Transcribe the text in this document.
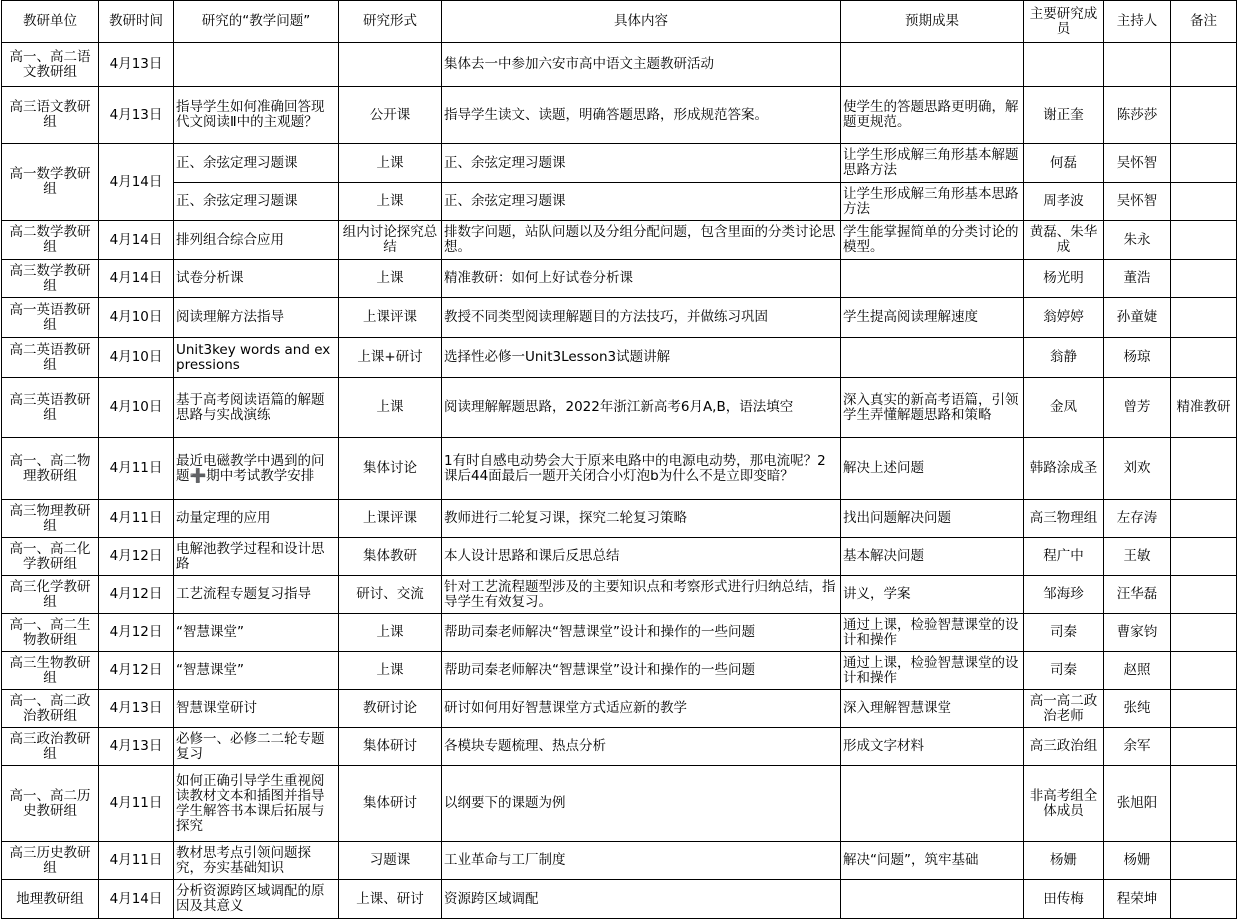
教研单位	教研时间	研究的“教学问题”	研究形式	具体内容	预期成果	主要研究成员	主持人	备注
高一、高二语文教研组	4月13日			集体去一中参加六安市高中语文主题教研活动				
高三语文教研组	4月13日	指导学生如何准确回答现代文阅读Ⅱ中的主观题？	公开课	指导学生读文、读题，明确答题思路，形成规范答案。	使学生的答题思路更明确，解题更规范。	谢正奎	陈莎莎	
高一数学教研组	4月14日	正、余弦定理习题课	上课	正、余弦定理习题课	让学生形成解三角形基本解题思路方法	何磊	吴怀智	
		正、余弦定理习题课	上课	正、余弦定理习题课	让学生形成解三角形基本思路方法	周孝波	吴怀智	
高二数学教研组	4月14日	排列组合综合应用	组内讨论探究总结	排数字问题，站队问题以及分组分配问题，包含里面的分类讨论思想。	学生能掌握简单的分类讨论的模型。	黄磊、朱华成	朱永	
高三数学教研组	4月14日	试卷分析课	上课	精准教研：如何上好试卷分析课		杨光明	董浩	
高一英语教研组	4月10日	阅读理解方法指导	上课评课	教授不同类型阅读理解题目的方法技巧，并做练习巩固	学生提高阅读理解速度	翁婷婷	孙童婕	
高二英语教研组	4月10日	Unit3key words and expressions	上课+研讨	选择性必修一Unit3Lesson3试题讲解		翁静	杨琼	
高三英语教研组	4月10日	基于高考阅读语篇的解题思路与实战演练	上课	阅读理解解题思路，2022年浙江新高考6月A,B，语法填空	深入真实的新高考语篇，引领学生弄懂解题思路和策略	金凤	曾芳	精准教研
高一、高二物理教研组	4月11日	最近电磁教学中遇到的问题➕期中考试教学安排	集体讨论	1有时自感电动势会大于原来电路中的电源电动势，那电流呢？2课后44面最后一题开关闭合小灯泡b为什么不是立即变暗？	解决上述问题	韩路涂成圣	刘欢	
高三物理教研组	4月11日	动量定理的应用	上课评课	教师进行二轮复习课，探究二轮复习策略	找出问题解决问题	高三物理组	左存涛	
高一、高二化学教研组	4月12日	电解池教学过程和设计思路	集体教研	本人设计思路和课后反思总结	基本解决问题	程广中	王敏	
高三化学教研组	4月12日	工艺流程专题复习指导	研讨、交流	针对工艺流程题型涉及的主要知识点和考察形式进行归纳总结，指导学生有效复习。	讲义，学案	邹海珍	汪华磊	
高一、高二生物教研组	4月12日	“智慧课堂”	上课	帮助司秦老师解决“智慧课堂”设计和操作的一些问题	通过上课，检验智慧课堂的设计和操作	司秦	曹家钧	
高三生物教研组	4月12日	“智慧课堂”	上课	帮助司秦老师解决“智慧课堂”设计和操作的一些问题	通过上课，检验智慧课堂的设计和操作	司秦	赵照	
高一、高二政治教研组	4月13日	智慧课堂研讨	教研讨论	研讨如何用好智慧课堂方式适应新的教学	深入理解智慧课堂	高一高二政治老师	张纯	
高三政治教研组	4月13日	必修一、必修二二轮专题复习	集体研讨	各模块专题梳理、热点分析	形成文字材料	高三政治组	余军	
高一、高二历史教研组	4月11日	如何正确引导学生重视阅读教材文本和插图并指导学生解答书本课后拓展与探究	集体研讨	以纲要下的课题为例		非高考组全体成员	张旭阳	
高三历史教研组	4月11日	教材思考点引领问题探究，夯实基础知识	习题课	工业革命与工厂制度	解决“问题”，筑牢基础	杨姗	杨姗	
地理教研组	4月14日	分析资源跨区域调配的原因及其意义	上课、研讨	资源跨区域调配		田传梅	程荣坤	
